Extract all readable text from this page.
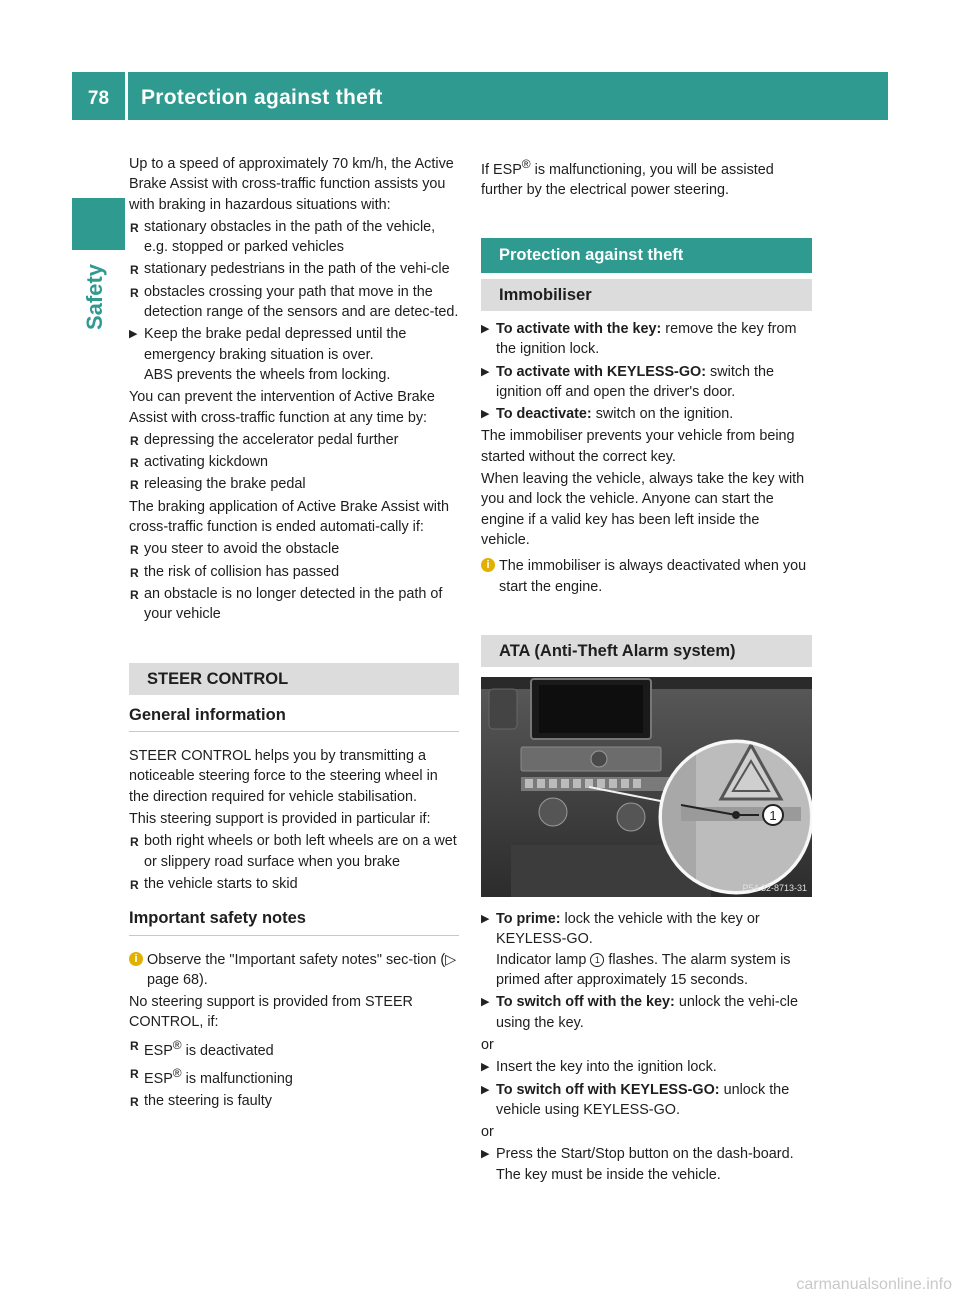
78	Protection against theft
Safety

Up to a speed of approximately 70 km/h, the Active Brake Assist with cross-traffic function assists you with braking in hazardous situations with:

R stationary obstacles in the path of the vehicle, e.g. stopped or parked vehicles
R stationary pedestrians in the path of the vehi-cle
R obstacles crossing your path that move in the detection range of the sensors and are detec-ted.
▶ Keep the brake pedal depressed until the emergency braking situation is over.
ABS prevents the wheels from locking.

You can prevent the intervention of Active Brake Assist with cross-traffic function at any time by:

R depressing the accelerator pedal further
R activating kickdown
R releasing the brake pedal

The braking application of Active Brake Assist with cross-traffic function is ended automati-cally if:

R you steer to avoid the obstacle
R the risk of collision has passed
R an obstacle is no longer detected in the path of your vehicle
STEER CONTROL
General information

STEER CONTROL helps you by transmitting a noticeable steering force to the steering wheel in the direction required for vehicle stabilisation.

This steering support is provided in particular if:

R both right wheels or both left wheels are on a wet or slippery road surface when you brake
R the vehicle starts to skid
Important safety notes
i
Observe the "Important safety notes" sec-tion (▷ page 68).

No steering support is provided from STEER CONTROL, if:

R ESP® is deactivated
R ESP® is malfunctioning
R the steering is faulty

If ESP® is malfunctioning, you will be assisted further by the electrical power steering.

Protection against theft
Immobiliser
▶ To activate with the key: remove the key from the ignition lock.
▶ To activate with KEYLESS-GO: switch the ignition off and open the driver's door.
▶ To deactivate: switch on the ignition.

The immobiliser prevents your vehicle from being started without the correct key.

When leaving the vehicle, always take the key with you and lock the vehicle. Anyone can start the engine if a valid key has been left inside the vehicle.

i
The immobiliser is always deactivated when you start the engine.
ATA (Anti-Theft Alarm system)
1
P54.32-8713-31
▶ To prime: lock the vehicle with the key or KEYLESS-GO.
Indicator lamp 1 flashes. The alarm system is primed after approximately 15 seconds.
▶ To switch off with the key: unlock the vehi-cle using the key.

or

▶ Insert the key into the ignition lock.
▶ To switch off with KEYLESS-GO: unlock the vehicle using KEYLESS-GO.

or

▶ Press the Start/Stop button on the dash-board. The key must be inside the vehicle.
carmanualsonline.info
